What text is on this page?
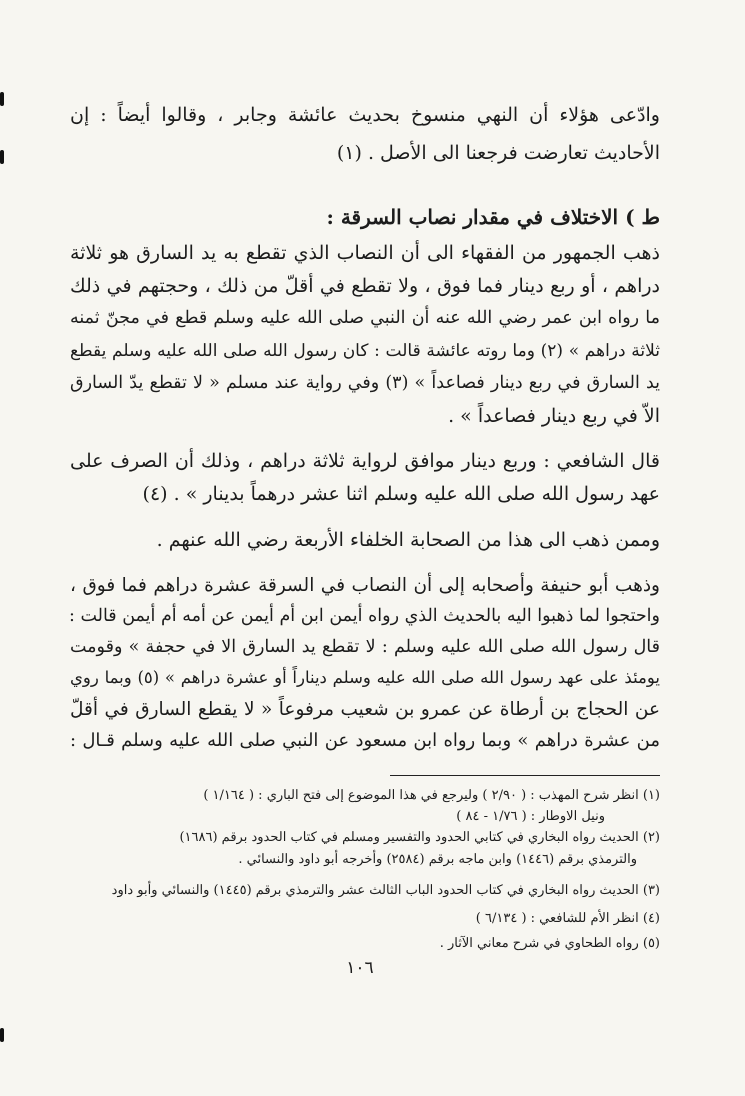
وادّعى هؤلاء أن النهي منسوخ بحديث عائشة وجابر ، وقالوا أيضاً : إن
الأحاديث تعارضت فرجعنا الى الأصل . (١)
ط ) الاختلاف في مقدار نصاب السرقة :
ذهب الجمهور من الفقهاء الى أن النصاب الذي تقطع به يد السارق هو ثلاثة
دراهم ، أو ربع دينار فما فوق ، ولا تقطع في أقلّ من ذلك ، وحجتهم في ذلك
ما رواه ابن عمر رضي الله عنه أن النبي صلى الله عليه وسلم قطع في مجنّ ثمنه
ثلاثة دراهم » (٢) وما روته عائشة قالت : كان رسول الله صلى الله عليه وسلم يقطع
يد السارق في ربع دينار فصاعداً » (٣) وفي رواية عند مسلم « لا تقطع يدّ السارق
الاّ في ربع دينار فصاعداً » .
قال الشافعي : وربع دينار موافق لرواية ثلاثة دراهم ، وذلك أن الصرف على
عهد رسول الله صلى الله عليه وسلم اثنا عشر درهماً بدينار » . (٤)
وممن ذهب الى هذا من الصحابة الخلفاء الأربعة رضي الله عنهم .
وذهب أبو حنيفة وأصحابه إلى أن النصاب في السرقة عشرة دراهم فما فوق ،
واحتجوا لما ذهبوا اليه بالحديث الذي رواه أيمن ابن أم أيمن عن أمه أم أيمن قالت :
قال رسول الله صلى الله عليه وسلم : لا تقطع يد السارق الا في حجفة » وقومت
يومئذ على عهد رسول الله صلى الله عليه وسلم ديناراً أو عشرة دراهم » (٥) وبما روي
عن الحجاج بن أرطاة عن عمرو بن شعيب مرفوعاً « لا يقطع السارق في أقلّ
من عشرة دراهم » وبما رواه ابن مسعود عن النبي صلى الله عليه وسلم قـال :
(١) انظر شرح المهذب : ( ٢/٩٠ ) وليرجع في هذا الموضوع إلى فتح الباري : ( ١/١٦٤ )
ونيل الاوطار : ( ١/٧٦ - ٨٤ )
(٢) الحديث رواه البخاري في كتابي الحدود والتفسير ومسلم في كتاب الحدود برقم (١٦٨٦)
والترمذي برقم (١٤٤٦) وابن ماجه برقم (٢٥٨٤) وأخرجه أبو داود والنسائي .
(٣) الحديث رواه البخاري في كتاب الحدود الباب الثالث عشر والترمذي برقم (١٤٤٥) والنسائي وأبو داود
(٤) انظر الأم للشافعي : ( ٦/١٣٤ )
(٥) رواه الطحاوي في شرح معاني الآثار .
١٠٦
